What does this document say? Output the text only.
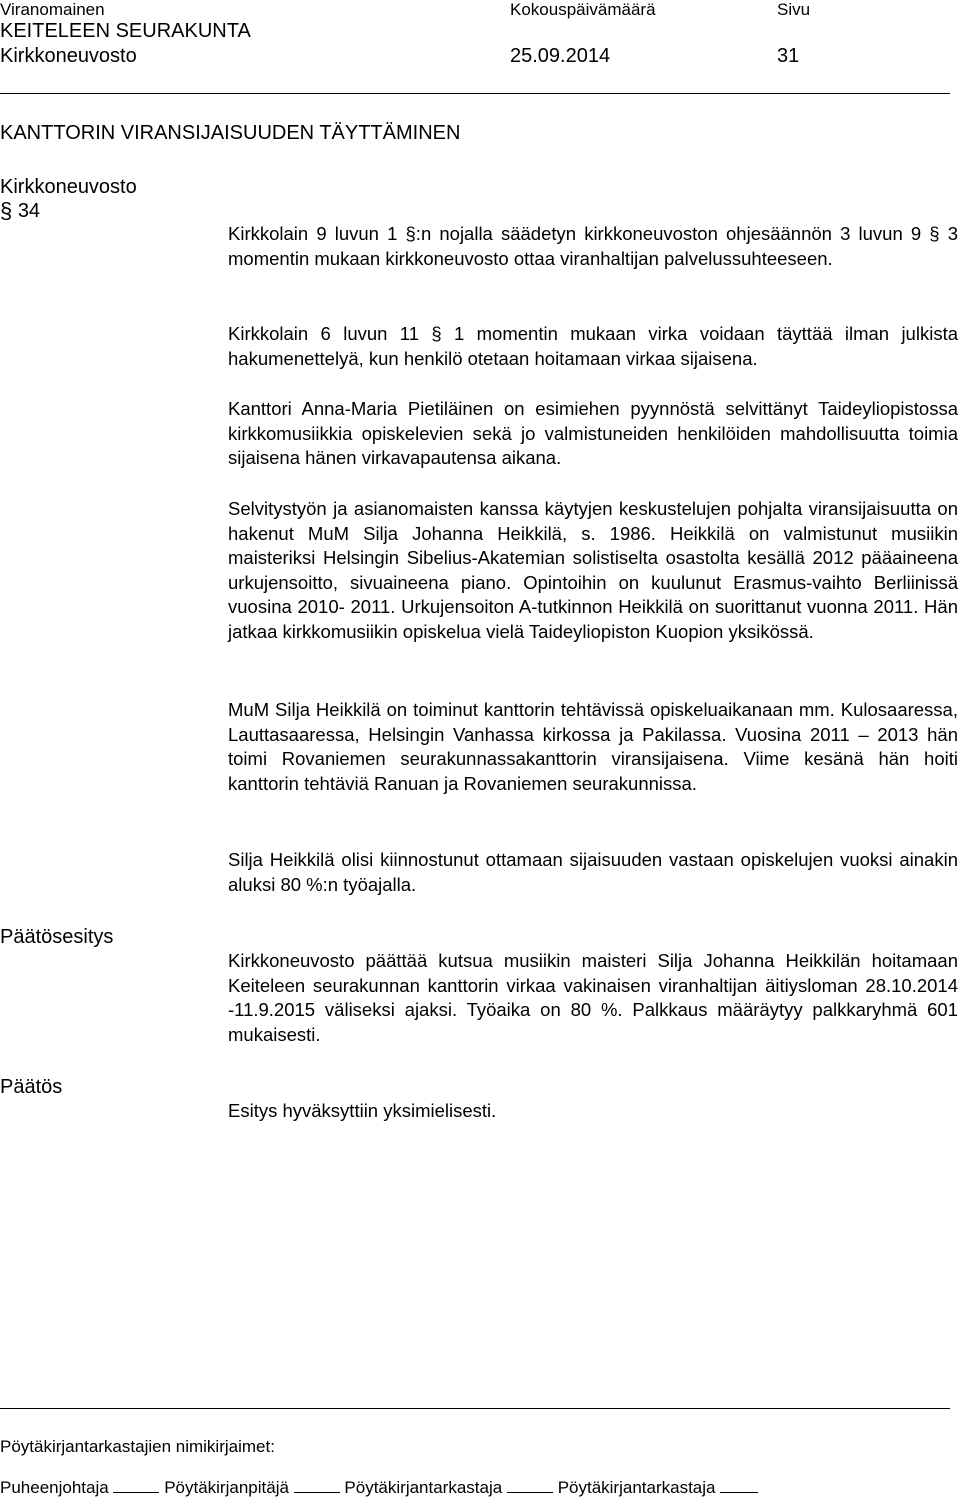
Viranomainen	Kokouspäivämäärä	Sivu
KEITELEEN SEURAKUNTA
Kirkkoneuvosto	25.09.2014	31
KANTTORIN VIRANSIJAISUUDEN TÄYTTÄMINEN
Kirkkoneuvosto
§ 34

Kirkkolain 9 luvun 1 §:n nojalla säädetyn kirkkoneuvoston ohjesäännön 3 luvun 9 § 3 momentin mukaan kirkkoneuvosto ottaa viranhaltijan palvelussuhteeseen.

Kirkkolain 6 luvun 11 § 1 momentin mukaan virka voidaan täyttää ilman julkista hakumenettelyä, kun henkilö otetaan hoitamaan virkaa sijaisena.

Kanttori Anna-Maria Pietiläinen on esimiehen pyynnöstä selvittänyt Taideyliopistossa kirkkomusiikkia opiskelevien sekä jo valmistuneiden henkilöiden mahdollisuutta toimia sijaisena hänen virkavapautensa aikana.

Selvitystyön ja asianomaisten kanssa käytyjen keskustelujen pohjalta viransijaisuutta on hakenut MuM Silja Johanna Heikkilä, s. 1986. Heikkilä on valmistunut musiikin maisteriksi Helsingin Sibelius-Akatemian solistiselta osastolta kesällä 2012 pääaineena urkujensoitto, sivuaineena piano. Opintoihin on kuulunut Erasmus-vaihto Berliinissä vuosina 2010- 2011. Urkujensoiton A-tutkinnon Heikkilä on suorittanut vuonna 2011. Hän jatkaa kirkkomusiikin opiskelua vielä Taideyliopiston Kuopion yksikössä.

MuM Silja Heikkilä on toiminut kanttorin tehtävissä opiskeluaikanaan mm. Kulosaaressa, Lauttasaaressa, Helsingin Vanhassa kirkossa ja Pakilassa. Vuosina 2011 – 2013 hän toimi Rovaniemen seurakunnassakanttorin viransijaisena. Viime kesänä hän hoiti kanttorin tehtäviä Ranuan ja Rovaniemen seurakunnissa.

Silja Heikkilä olisi kiinnostunut ottamaan sijaisuuden vastaan opiskelujen vuoksi ainakin aluksi 80 %:n työajalla.

Päätösesitys

Kirkkoneuvosto päättää kutsua musiikin maisteri Silja Johanna Heikkilän hoitamaan Keiteleen seurakunnan kanttorin virkaa vakinaisen viranhaltijan äitiysloman 28.10.2014 -11.9.2015 väliseksi ajaksi. Työaika on 80 %. Palkkaus määräytyy palkkaryhmä 601 mukaisesti.

Päätös

Esitys hyväksyttiin yksimielisesti.

Pöytäkirjantarkastajien nimikirjaimet:
Puheenjohtaja	Pöytäkirjanpitäjä	Pöytäkirjantarkastaja	Pöytäkirjantarkastaja
